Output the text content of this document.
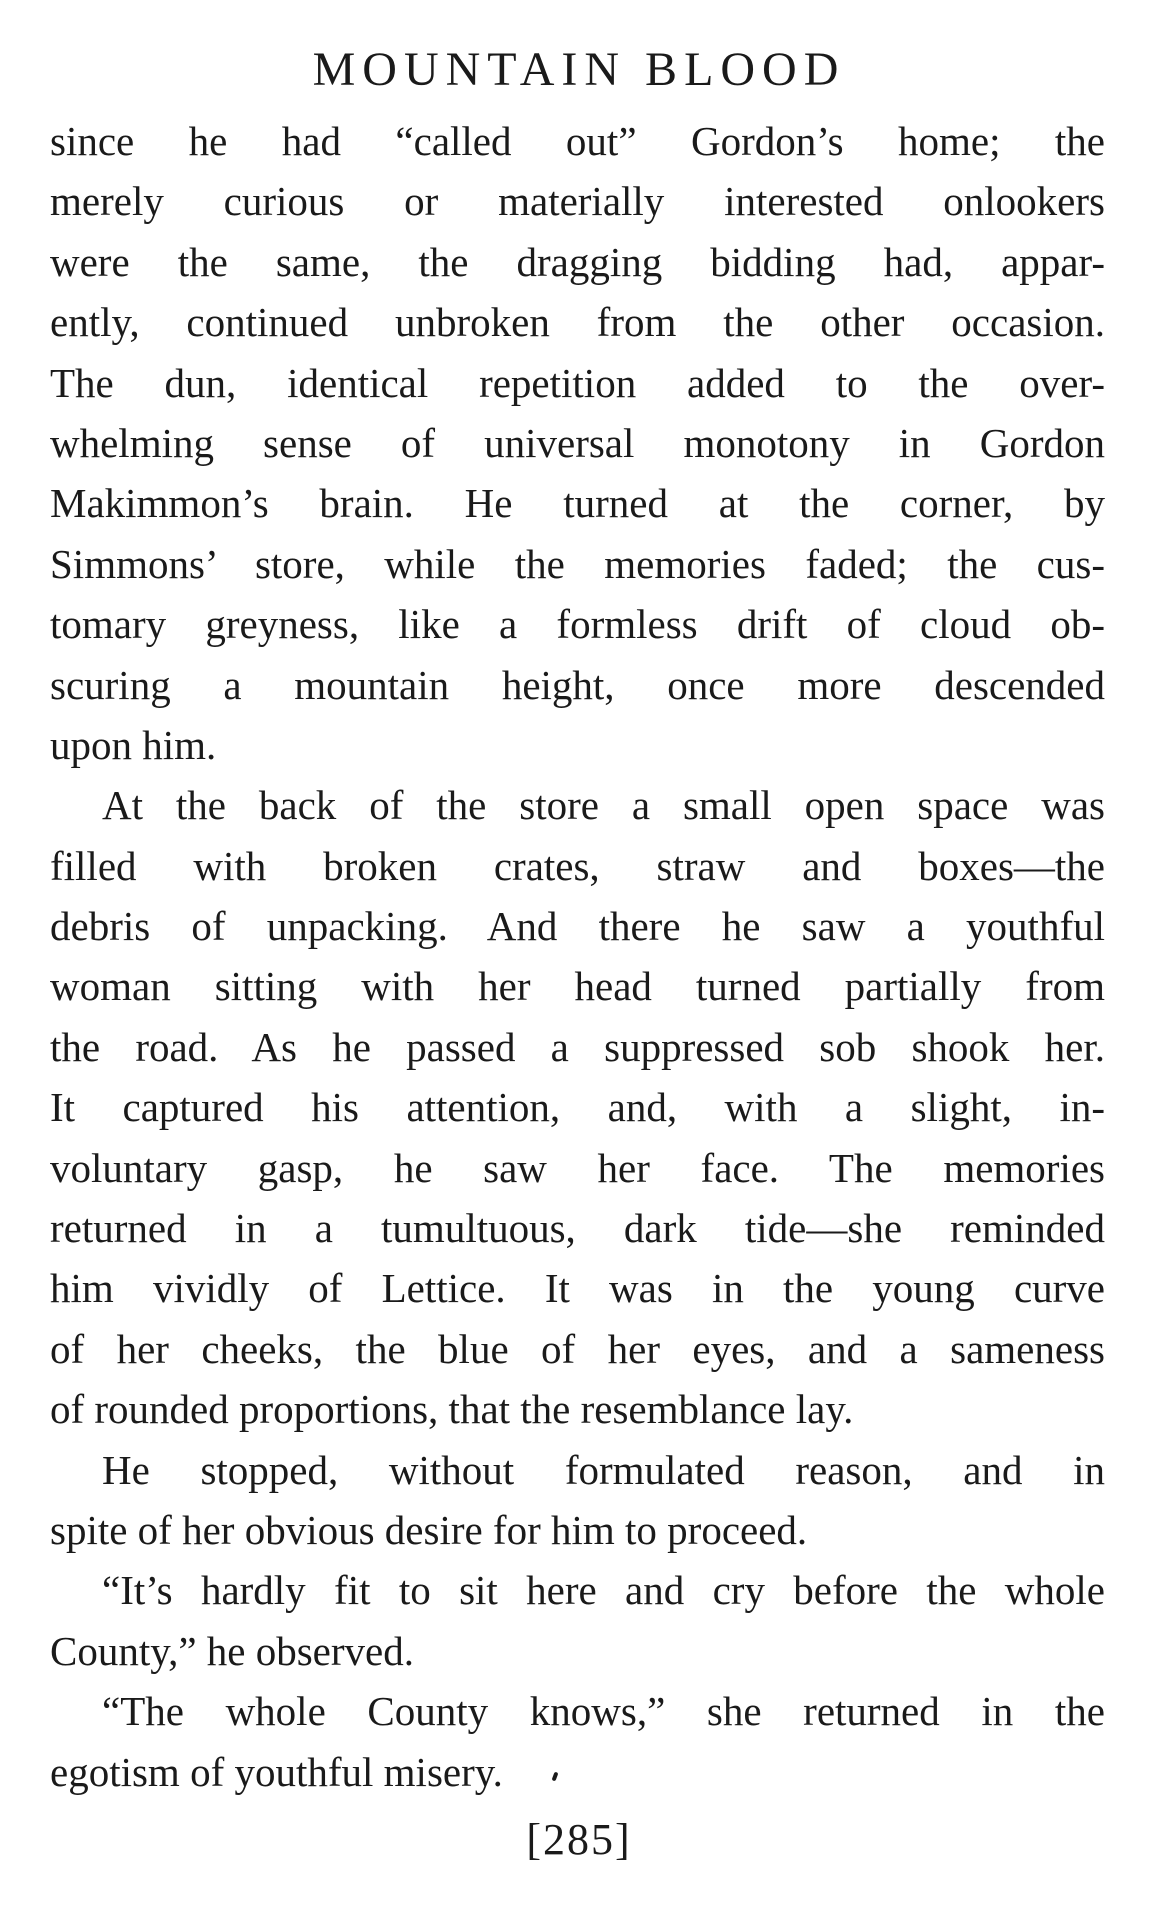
MOUNTAIN BLOOD
since he had “called out” Gordon’s home; the
merely curious or materially interested onlookers
were the same, the dragging bidding had, appar-
ently, continued unbroken from the other occasion.
The dun, identical repetition added to the over-
whelming sense of universal monotony in Gordon
Makimmon’s brain. He turned at the corner, by
Simmons’ store, while the memories faded; the cus-
tomary greyness, like a formless drift of cloud ob-
scuring a mountain height, once more descended
upon him.
At the back of the store a small open space was
filled with broken crates, straw and boxes—the
debris of unpacking. And there he saw a youthful
woman sitting with her head turned partially from
the road. As he passed a suppressed sob shook her.
It captured his attention, and, with a slight, in-
voluntary gasp, he saw her face. The memories
returned in a tumultuous, dark tide—she reminded
him vividly of Lettice. It was in the young curve
of her cheeks, the blue of her eyes, and a sameness
of rounded proportions, that the resemblance lay.
He stopped, without formulated reason, and in
spite of her obvious desire for him to proceed.
“It’s hardly fit to sit here and cry before the whole
County,” he observed.
“The whole County knows,” she returned in the
egotism of youthful misery.
[285]
